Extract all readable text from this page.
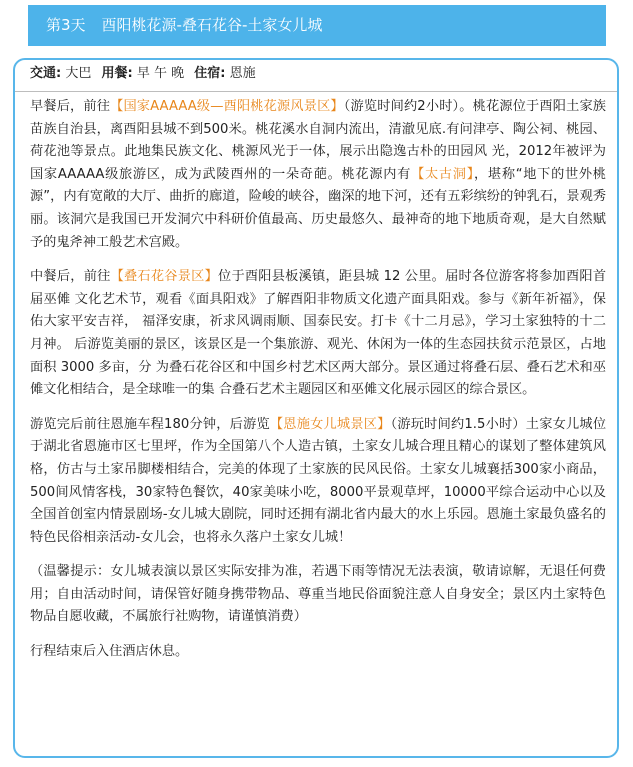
第3天 酉阳桃花源-叠石花谷-土家女儿城
交通: 大巴 用餐: 早 午 晚 住宿: 恩施

早餐后，前往【国家AAAAA级—酉阳桃花源风景区】（游览时间约2小时）。桃花源位于酉阳土家族苗族自治县，离酉阳县城不到500米。桃花溪水自洞内流出，清澈见底.有问津亭、陶公祠、桃园、荷花池等景点。此地集民族文化、桃源风光于一体，展示出隐逸古朴的田园风 光，2012年被评为国家AAAAA级旅游区，成为武陵酉州的一朵奇葩。桃花源内有【太古洞】，堪称“地下的世外桃源”，内有宽敞的大厅、曲折的廊道，险峻的峡谷，幽深的地下河，还有五彩缤纷的钟乳石，景观秀丽。该洞穴是我国已开发洞穴中科研价值最高、历史最悠久、最神奇的地下地质奇观，是大自然赋予的鬼斧神工般艺术宫殿。

中餐后，前往【叠石花谷景区】位于酉阳县板溪镇，距县城 12 公里。届时各位游客将参加酉阳首届巫傩 文化艺术节，观看《面具阳戏》了解酉阳非物质文化遗产面具阳戏。参与《新年祈福》，保佑大家平安吉祥， 福泽安康，祈求风调雨顺、国泰民安。打卡《十二月忌》，学习土家独特的十二月神。 后游览美丽的景区，该景区是一个集旅游、观光、休闲为一体的生态园扶贫示范景区，占地面积 3000 多亩，分 为叠石花谷区和中国乡村艺术区两大部分。景区通过将叠石层、叠石艺术和巫傩文化相结合，是全球唯一的集 合叠石艺术主题园区和巫傩文化展示园区的综合景区。

游览完后前往恩施车程180分钟，后游览【恩施女儿城景区】（游玩时间约1.5小时）土家女儿城位于湖北省恩施市区七里坪，作为全国第八个人造古镇，土家女儿城合理且精心的谋划了整体建筑风格，仿古与土家吊脚楼相结合，完美的体现了土家族的民风民俗。土家女儿城襄括300家小商品，500间风情客栈，30家特色餐饮，40家美味小吃，8000平景观草坪，10000平综合运动中心以及全国首创室内情景剧场-女儿城大剧院，同时还拥有湖北省内最大的水上乐园。恩施土家最负盛名的特色民俗相亲活动-女儿会，也将永久落户土家女儿城！

（温馨提示：女儿城表演以景区实际安排为准，若遇下雨等情况无法表演，敬请谅解，无退任何费用；自由活动时间，请保管好随身携带物品、尊重当地民俗面貌注意人自身安全；景区内土家特色物品自愿收藏，不属旅行社购物，请谨慎消费）

行程结束后入住酒店休息。
